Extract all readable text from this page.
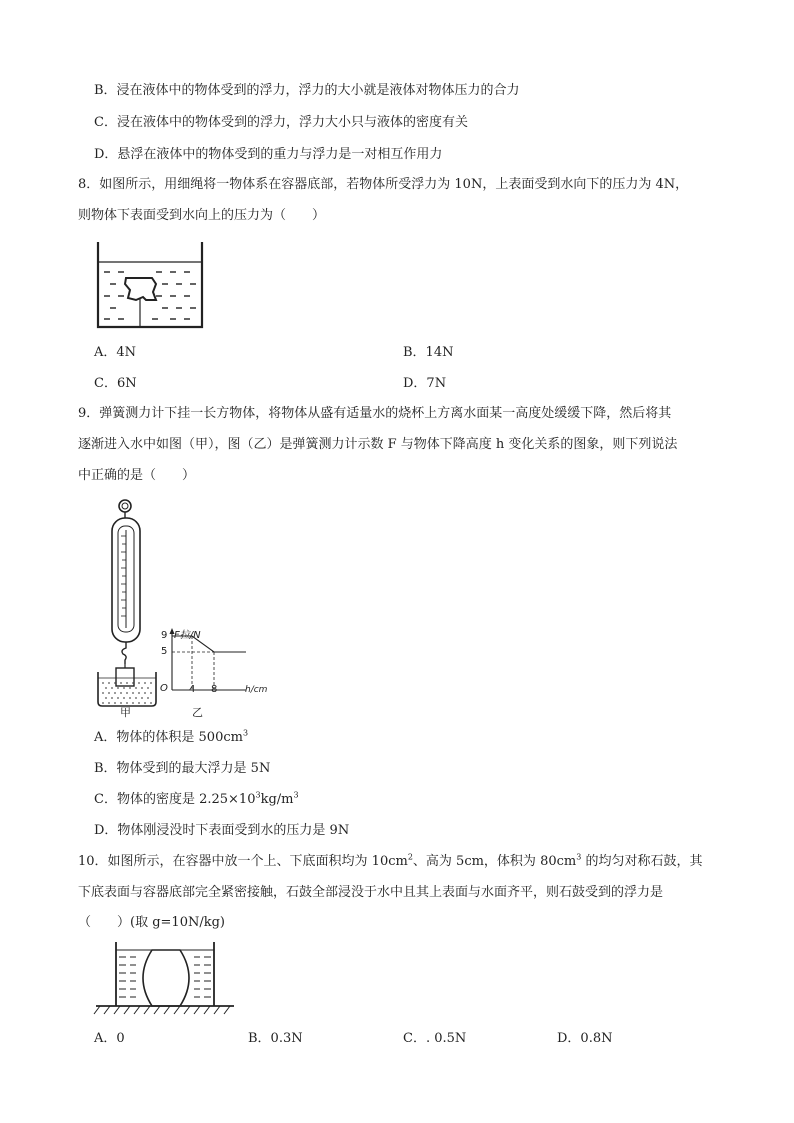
B．浸在液体中的物体受到的浮力，浮力的大小就是液体对物体压力的合力
C．浸在液体中的物体受到的浮力，浮力大小只与液体的密度有关
D．悬浮在液体中的物体受到的重力与浮力是一对相互作用力
8．如图所示，用细绳将一物体系在容器底部，若物体所受浮力为 10N，上表面受到水向下的压力为 4N，
则物体下表面受到水向上的压力为（　　）
A．4N	B．14N
C．6N	D．7N
9．弹簧测力计下挂一长方物体，将物体从盛有适量水的烧杯上方离水面某一高度处缓缓下降，然后将其
逐渐进入水中如图（甲），图（乙）是弹簧测力计示数 F 与物体下降高度 h 变化关系的图象，则下列说法
中正确的是（　　）
F拉/N
9
5
O 4 8	h/cm
甲	乙
A．物体的体积是 $500cm^3$
B．物体受到的最大浮力是 5N
C．物体的密度是 $2.25\times 10^3kg/m^3$
D．物体刚浸没时下表面受到水的压力是 9N
10．如图所示，在容器中放一个上、下底面积均为 $10cm^2$、高为 5cm，体积为 $80cm^3$ 的均匀对称石鼓，其
下底表面与容器底部完全紧密接触，石鼓全部浸没于水中且其上表面与水面齐平，则石鼓受到的浮力是
（　　）(取 g=10N/kg)
A．0	B．0.3N	C．. 0.5N	D．0.8N
